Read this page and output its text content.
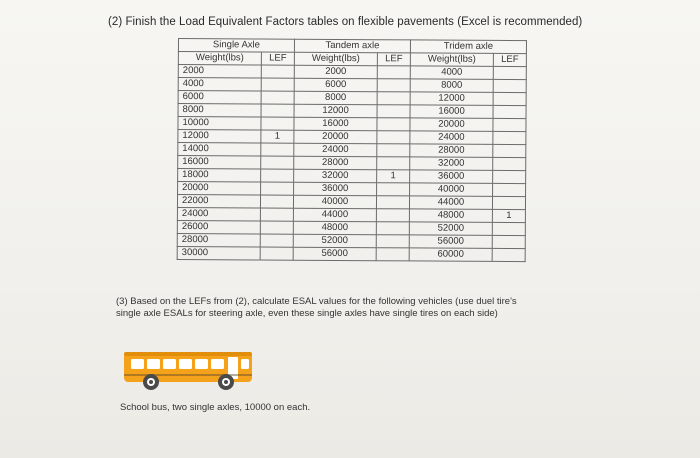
(2) Finish the Load Equivalent Factors tables on flexible pavements (Excel is recommended)
Single Axle		Tandem axle		Tridem axle	
Weight(lbs)	LEF	Weight(lbs)	LEF	Weight(lbs)	LEF
2000		2000		4000	
4000		6000		8000	
6000		8000		12000	
8000		12000		16000	
10000		16000		20000	
12000	1	20000		24000	
14000		24000		28000	
16000		28000		32000	
18000		32000	1	36000	
20000		36000		40000	
22000		40000		44000	
24000		44000		48000	1
26000		48000		52000	
28000		52000		56000	
30000		56000		60000	
(3) Based on the LEFs from (2), calculate ESAL values for the following vehicles (use duel tire's
single axle ESALs for steering axle, even these single axles have single tires on each side)
School bus, two single axles, 10000 on each.
